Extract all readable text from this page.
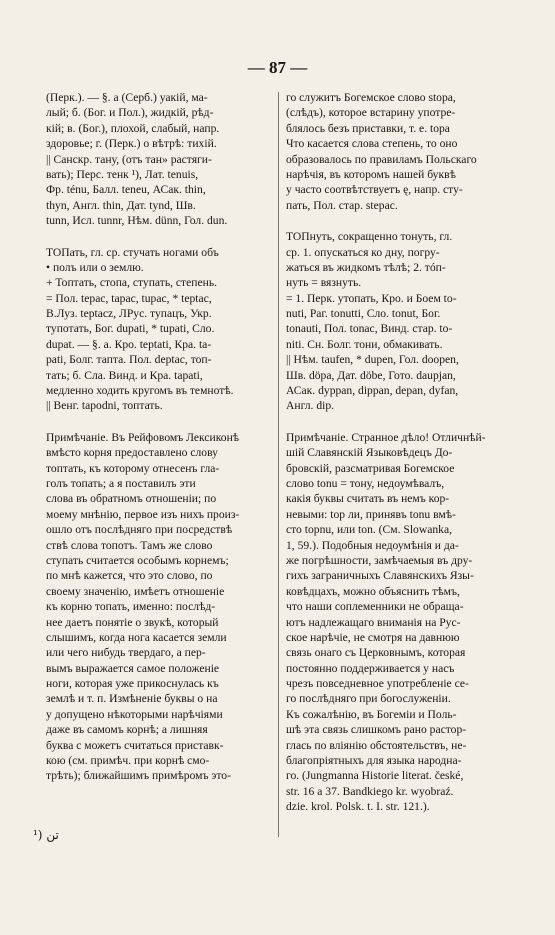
— 87 —
(Перк.). — §. а (Серб.) уакій, ма-
лый; б. (Бог. и Пол.), жидкій, рѣд-
кій; в. (Бог.), плохой, слабый, напр.
здоровье; г. (Перк.) о вѣтрѣ: тихій.
|| Санскр. тану, (отъ тан» растяги-
вать); Перс. тенк ¹), Лат. tenuis,
Фр. ténu, Балл. teneu, АСак. thin,
thyn, Англ. thin, Дат. tynd, Шв.
tunn, Исл. tunnr, Нѣм. dünn, Гол. dun.
ТОПать, гл. ср. стучать ногами объ
• полъ или о землю.
+ Топтать, стопа, ступать, степень.
= Пол. tepac, tapac, tupac, * teptac,
В.Луз. teptacz, ЛРус. тупацъ, Укр.
тупотать, Бог. dupati, * tupati, Сло.
dupat. — §. а. Кро. teptati, Кра. ta-
patі, Болг. тапта. Пол. deptac, топ-
тать; б. Сла. Винд. и Кра. tapati,
медленно ходить кругомъ въ темнотѣ.
|| Венг. tapodni, топтать.
Примѣчаніе. Въ Рейфовомъ Лексиконѣ
вмѣсто корня предоставлено слову
топтать, къ которому отнесенъ гла-
голъ топать; а я поставилъ эти
слова въ обратномъ отношеніи; по
моему мнѣнію, первое изъ нихъ произ-
ошло отъ послѣдняго при посредствѣ
ствѣ слова топотъ. Тамъ же слово
ступать считается особымъ корнемъ;
по мнѣ кажется, что это слово, по
своему значенію, имѣетъ отношеніе
къ корню топать, именно: послѣд-
нее даетъ понятіе о звукѣ, который
слышимъ, когда нога касается земли
или чего нибудь твердаго, а пер-
вымъ выражается самое положеніе
ноги, которая уже прикоснулась къ
землѣ и т. п. Измѣненіе буквы о на
у допущено нѣкоторыми нарѣчіями
даже въ самомъ корнѣ; а лишняя
буква с можетъ считаться приставк-
кою (см. примѣч. при корнѣ смо-
трѣть); ближайшимъ примѣромъ это-
го служитъ Богемское слово stopa,
(слѣдъ), которое встарину употре-
блялось безъ приставки, т. е. topa
Что касается слова степень, то оно
образовалось по правиламъ Польскаго
нарѣчія, въ которомъ нашей буквѣ
у часто соотвѣтствуетъ ę, напр. сту-
пать, Пол. стар. stepac.
ТОПнуть, сокращенно тонуть, гл.
ср. 1. опускаться ко дну, погру-
жаться въ жидкомъ тѣлѣ; 2. тóп-
нуть = вязнуть.
= 1. Перк. утопать, Кро. и Боем to-
nuti, Раг. tonutti, Сло. tonut, Бог.
tonauti, Пол. tonac, Винд. стар. to-
niti. Сн. Болг. тони, обмакивать.
|| Нѣм. taufen, * dupen, Гол. doopen,
Шв. döpa, Дат. döbe, Гото. daupjan,
АСак. dyppan, dippan, depan, dyfan,
Англ. dip.
Примѣчаніе. Странное дѣло! Отличнѣй-
шій Славянскій Языковѣдецъ До-
бровскій, разсматривая Богемское
слово tonu = тону, недоумѣвалъ,
какія буквы считать въ немъ кор-
невыми: top ли, принявъ tonu вмѣ-
сто topnu, или ton. (См. Slowanka,
1, 59.). Подобныя недоумѣнія и да-
же погрѣшности, замѣчаемыя въ дру-
гихъ заграничныхъ Славянскихъ Язы-
ковѣдцахъ, можно объяснить тѣмъ,
что наши соплеменники не обраща-
ютъ надлежащаго вниманія на Рус-
ское нарѣчіе, не смотря на давнюю
связь онаго съ Церковнымъ, которая
постоянно поддерживается у насъ
чрезъ повседневное употребленіе се-
го послѣдняго при богослуженіи.
Къ сожалѣнію, въ Богеміи и Поль-
шѣ эта связь слишкомъ рано растор-
глась по вліянію обстоятельствъ, не-
благопріятныхъ для языка народна-
го. (Jungmanna Historie literat. české,
str. 16 a 37. Bandkiego kr. wyobraź.
dzie. krol. Polsk. t. I. str. 121.).
¹) تن
